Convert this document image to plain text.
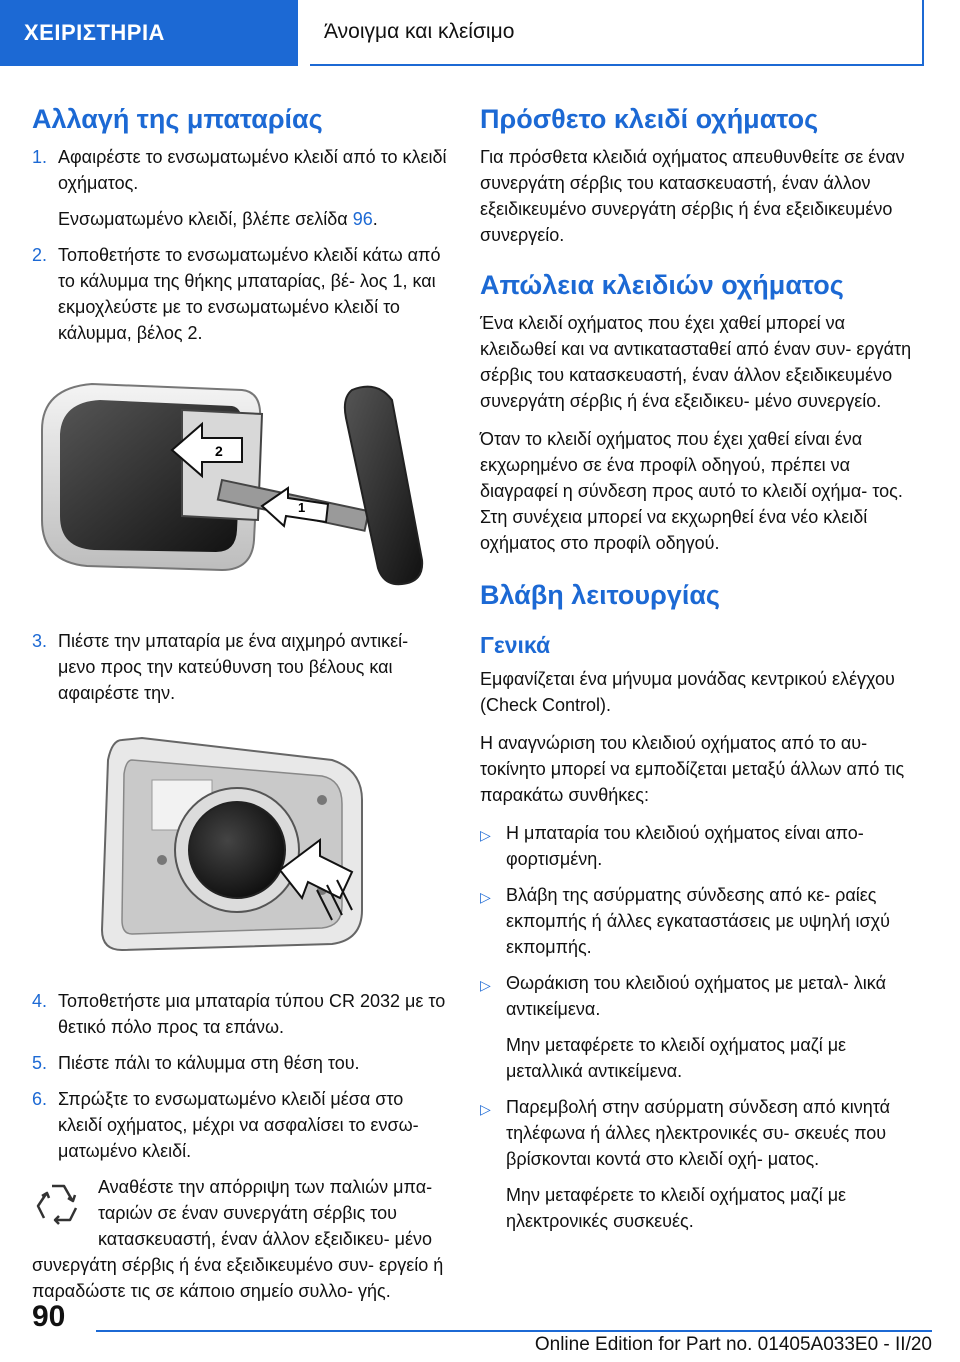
ΧΕΙΡΙΣΤΗΡΙΑ	Άνοιγμα και κλείσιμο
Αλλαγή της μπαταρίας
1. Αφαιρέστε το ενσωματωμένο κλειδί από το κλειδί οχήματος.
Ενσωματωμένο κλειδί, βλέπε σελίδα 96.
2. Τοποθετήστε το ενσωματωμένο κλειδί κάτω από το κάλυμμα της θήκης μπαταρίας, βέ- λος 1, και εκμοχλεύστε με το ενσωματωμένο κλειδί το κάλυμμα, βέλος 2.
2
1
3. Πιέστε την μπαταρία με ένα αιχμηρό αντικεί- μενο προς την κατεύθυνση του βέλους και αφαιρέστε την.
4. Τοποθετήστε μια μπαταρία τύπου CR 2032 με το θετικό πόλο προς τα επάνω.
5. Πιέστε πάλι το κάλυμμα στη θέση του.
6. Σπρώξτε το ενσωματωμένο κλειδί μέσα στο κλειδί οχήματος, μέχρι να ασφαλίσει το ενσω- ματωμένο κλειδί.
Αναθέστε την απόρριψη των παλιών μπα- ταριών σε έναν συνεργάτη σέρβις του κατασκευαστή, έναν άλλον εξειδικευ- μένο συνεργάτη σέρβις ή ένα εξειδικευμένο συν- εργείο ή παραδώστε τις σε κάποιο σημείο συλλο- γής.
Πρόσθετο κλειδί οχήματος

Για πρόσθετα κλειδιά οχήματος απευθυνθείτε σε έναν συνεργάτη σέρβις του κατασκευαστή, έναν άλλον εξειδικευμένο συνεργάτη σέρβις ή ένα εξειδικευμένο συνεργείο.

Απώλεια κλειδιών οχήματος

Ένα κλειδί οχήματος που έχει χαθεί μπορεί να κλειδωθεί και να αντικατασταθεί από έναν συν- εργάτη σέρβις του κατασκευαστή, έναν άλλον εξειδικευμένο συνεργάτη σέρβις ή ένα εξειδικευ- μένο συνεργείο.

Όταν το κλειδί οχήματος που έχει χαθεί είναι ένα εκχωρημένο σε ένα προφίλ οδηγού, πρέπει να διαγραφεί η σύνδεση προς αυτό το κλειδί οχήμα- τος. Στη συνέχεια μπορεί να εκχωρηθεί ένα νέο κλειδί οχήματος στο προφίλ οδηγού.

Βλάβη λειτουργίας
Γενικά

Εμφανίζεται ένα μήνυμα μονάδας κεντρικού ελέγχου (Check Control).

Η αναγνώριση του κλειδιού οχήματος από το αυ- τοκίνητο μπορεί να εμποδίζεται μεταξύ άλλων από τις παρακάτω συνθήκες:

▷ Η μπαταρία του κλειδιού οχήματος είναι απο- φορτισμένη.
▷ Βλάβη της ασύρματης σύνδεσης από κε- ραίες εκπομπής ή άλλες εγκαταστάσεις με υψηλή ισχύ εκπομπής.
▷ Θωράκιση του κλειδιού οχήματος με μεταλ- λικά αντικείμενα.
Μην μεταφέρετε το κλειδί οχήματος μαζί με μεταλλικά αντικείμενα.
▷ Παρεμβολή στην ασύρματη σύνδεση από κινητά τηλέφωνα ή άλλες ηλεκτρονικές συ- σκευές που βρίσκονται κοντά στο κλειδί οχή- ματος.
Μην μεταφέρετε το κλειδί οχήματος μαζί με ηλεκτρονικές συσκευές.
90
Online Edition for Part no. 01405A033E0 - II/20
